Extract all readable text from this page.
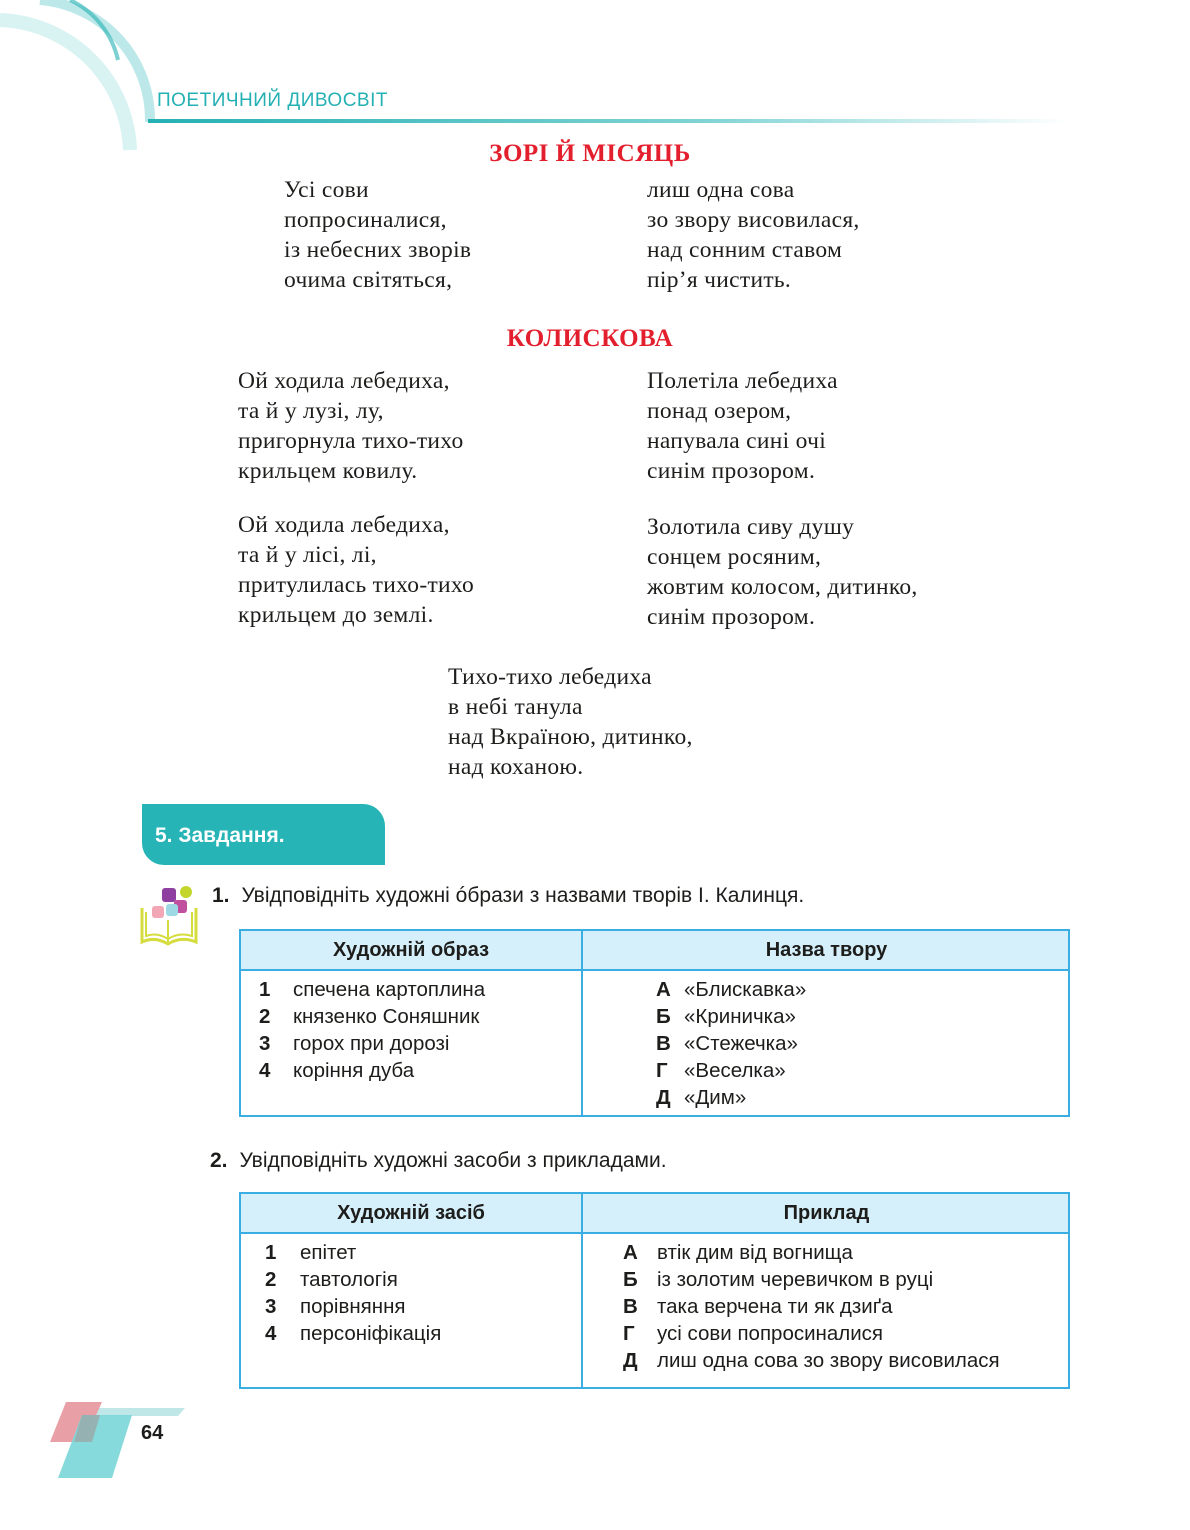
ПОЕТИЧНИЙ ДИВОСВІТ
ЗОРІ Й МІСЯЦЬ
Усі сови
попросиналися,
із небесних зворів
очима світяться,
лиш одна сова
зо звору висовилася,
над сонним ставом
пір’я чистить.
КОЛИСКОВА
Ой ходила лебедиха,
та й у лузі, лу,
пригорнула тихо-тихо
крильцем ковилу.
Полетіла лебедиха
понад озером,
напувала сині очі
синім прозором.
Ой ходила лебедиха,
та й у лісі, лі,
притулилась тихо-тихо
крильцем до землі.
Золотила сиву душу
сонцем росяним,
жовтим колосом, дитинко,
синім прозором.
Тихо-тихо лебедиха
в небі танула
над Вкраїною, дитинко,
над коханою.
5. Завдання.
1. Увідповідніть художні óбрази з назвами творів І. Калинця.
Художній образ	Назва твору
1 спечена картоплина
2 князенко Соняшник
3 горох при дорозі
4 коріння дуба
А «Блискавка»
Б «Криничка»
В «Стежечка»
Г «Веселка»
Д «Дим»
2. Увідповідніть художні засоби з прикладами.
Художній засіб	Приклад
1 епітет
2 тавтологія
3 порівняння
4 персоніфікація
А втік дим від вогнища
Б із золотим черевичком в руці
В така верчена ти як дзиґа
Г усі сови попросиналися
Д лиш одна сова зо звору висовилася
64
